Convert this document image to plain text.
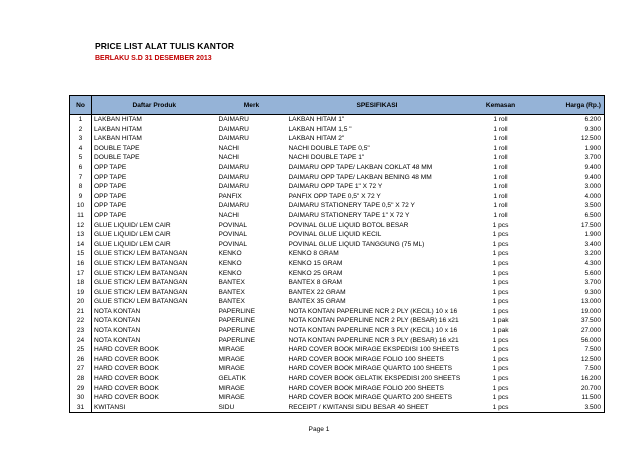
PRICE LIST ALAT TULIS KANTOR
BERLAKU S.D 31 DESEMBER 2013
No	Daftar Produk	Merk	SPESIFIKASI	Kemasan	Harga (Rp.)
1	LAKBAN HITAM	DAIMARU	LAKBAN HITAM 1"	1 roll	6.200
2	LAKBAN HITAM	DAIMARU	LAKBAN HITAM 1,5 "	1 roll	9.300
3	LAKBAN HITAM	DAIMARU	LAKBAN HITAM 2"	1 roll	12.500
4	DOUBLE TAPE	NACHI	NACHI DOUBLE TAPE 0,5"	1 roll	1.900
5	DOUBLE TAPE	NACHI	NACHI DOUBLE TAPE 1"	1 roll	3.700
6	OPP TAPE	DAIMARU	DAIMARU OPP TAPE/ LAKBAN COKLAT 48 MM	1 roll	9.400
7	OPP TAPE	DAIMARU	DAIMARU OPP TAPE/ LAKBAN BENING 48 MM	1 roll	9.400
8	OPP TAPE	DAIMARU	DAIMARU OPP TAPE 1" X 72 Y	1 roll	3.000
9	OPP TAPE	PANFIX	PANFIX OPP TAPE 0,5" X 72 Y	1 roll	4.000
10	OPP TAPE	DAIMARU	DAIMARU STATIONERY TAPE 0,5" X 72 Y	1 roll	3.500
11	OPP TAPE	NACHI	DAIMARU STATIONERY TAPE 1" X 72 Y	1 roll	6.500
12	GLUE LIQUID/ LEM CAIR	POVINAL	POVINAL GLUE LIQUID BOTOL BESAR	1 pcs	17.500
13	GLUE LIQUID/ LEM CAIR	POVINAL	POVINAL GLUE LIQUID KECIL	1 pcs	1.900
14	GLUE LIQUID/ LEM CAIR	POVINAL	POVINAL GLUE LIQUID TANGGUNG (75 ML)	1 pcs	3.400
15	GLUE STICK/ LEM BATANGAN	KENKO	KENKO 8 GRAM	1 pcs	3.200
16	GLUE STICK/ LEM BATANGAN	KENKO	KENKO 15 GRAM	1 pcs	4.300
17	GLUE STICK/ LEM BATANGAN	KENKO	KENKO 25 GRAM	1 pcs	5.600
18	GLUE STICK/ LEM BATANGAN	BANTEX	BANTEX 8 GRAM	1 pcs	3.700
19	GLUE STICK/ LEM BATANGAN	BANTEX	BANTEX 22 GRAM	1 pcs	9.300
20	GLUE STICK/ LEM BATANGAN	BANTEX	BANTEX 35 GRAM	1 pcs	13.000
21	NOTA KONTAN	PAPERLINE	NOTA KONTAN PAPERLINE NCR 2 PLY (KECIL) 10 x 16	1 pcs	19.000
22	NOTA KONTAN	PAPERLINE	NOTA KONTAN PAPERLINE NCR 2 PLY (BESAR) 16 x21	1 pak	37.500
23	NOTA KONTAN	PAPERLINE	NOTA KONTAN PAPERLINE NCR 3 PLY (KECIL) 10 x 16	1 pak	27.000
24	NOTA KONTAN	PAPERLINE	NOTA KONTAN PAPERLINE NCR 3 PLY (BESAR) 16 x21	1 pcs	56.000
25	HARD COVER BOOK	MIRAGE	HARD COVER BOOK MIRAGE EKSPEDISI 100 SHEETS	1 pcs	7.500
26	HARD COVER BOOK	MIRAGE	HARD COVER BOOK MIRAGE FOLIO 100 SHEETS	1 pcs	12.500
27	HARD COVER BOOK	MIRAGE	HARD COVER BOOK MIRAGE QUARTO 100 SHEETS	1 pcs	7.500
28	HARD COVER BOOK	GELATIK	HARD COVER BOOK GELATIK EKSPEDISI 200 SHEETS	1 pcs	16.200
29	HARD COVER BOOK	MIRAGE	HARD COVER BOOK MIRAGE FOLIO 200 SHEETS	1 pcs	20.700
30	HARD COVER BOOK	MIRAGE	HARD COVER BOOK MIRAGE QUARTO 200 SHEETS	1 pcs	11.500
31	KWITANSI	SIDU	RECEIPT / KWITANSI SIDU BESAR 40 SHEET	1 pcs	3.500
Page 1
